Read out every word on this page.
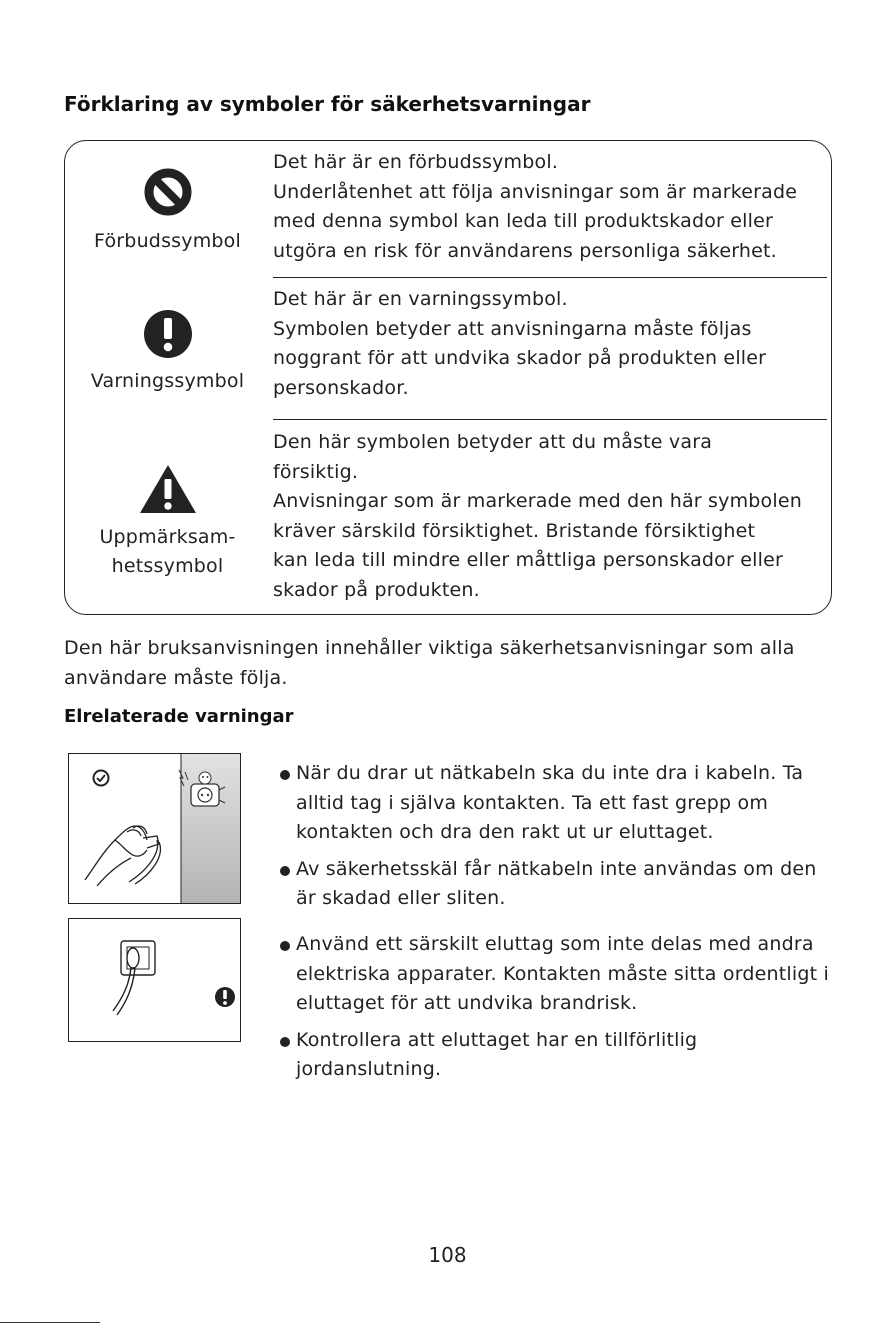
Förklaring av symboler för säkerhetsvarningar
Förbudssymbol

Det här är en förbudssymbol.

Underlåtenhet att följa anvisningar som är markerade

med denna symbol kan leda till produktskador eller

utgöra en risk för användarens personliga säkerhet.

Varningssymbol

Det här är en varningssymbol.

Symbolen betyder att anvisningarna måste följas

noggrant för att undvika skador på produkten eller

personskador.

Uppmärksam-
hetssymbol

Den här symbolen betyder att du måste vara

försiktig.

Anvisningar som är markerade med den här symbolen

kräver särskild försiktighet. Bristande försiktighet

kan leda till mindre eller måttliga personskador eller

skador på produkten.

Den här bruksanvisningen innehåller viktiga säkerhetsanvisningar som alla användare måste följa.

Elrelaterade varningar
När du drar ut nätkabeln ska du inte dra i kabeln. Ta alltid tag i själva kontakten. Ta ett fast grepp om kontakten och dra den rakt ut ur eluttaget.
Av säkerhetsskäl får nätkabeln inte användas om den är skadad eller sliten.
Använd ett särskilt eluttag som inte delas med andra elektriska apparater. Kontakten måste sitta ordentligt i eluttaget för att undvika brandrisk.
Kontrollera att eluttaget har en tillförlitlig jordanslutning.
108
